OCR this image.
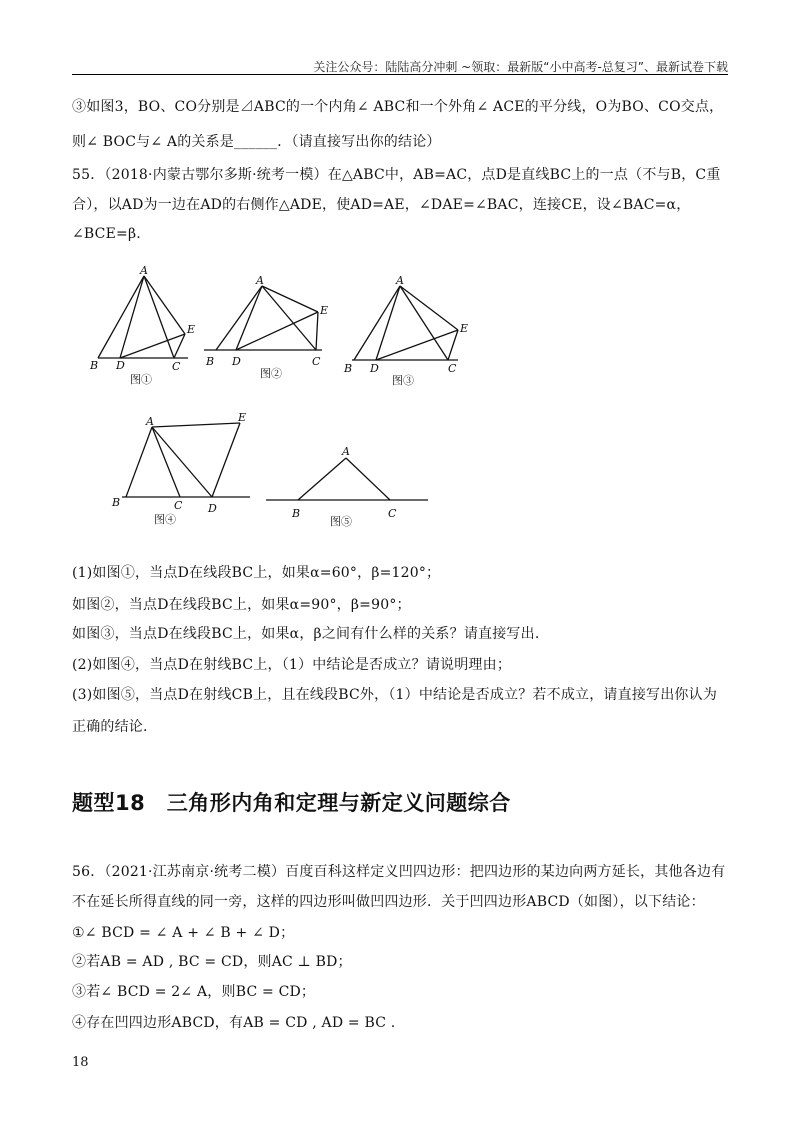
关注公众号：陆陆高分冲刺 ~领取：最新版“小中高考-总复习”、最新试卷下载
③如图3，BO、CO分别是⊿ABC的一个内角∠ ABC和一个外角∠ ACE的平分线，O为BO、CO交点，
则∠ BOC与∠ A的关系是______．（请直接写出你的结论）
55．（2018·内蒙古鄂尔多斯·统考一模）在△ABC中，AB=AC，点D是直线BC上的一点（不与B，C重
合），以AD为一边在AD的右侧作△ADE，使AD=AE，∠DAE=∠BAC，连接CE，设∠BAC=α，
∠BCE=β.
A
B D	C
E
图①
A
B D	C
E
图②
A
B D	C
E
图③
A
B	C D
E
图④
A
B	C
图⑤
(1)如图①，当点D在线段BC上，如果α=60°，β=120°；
如图②，当点D在线段BC上，如果α=90°，β=90°；
如图③，当点D在线段BC上，如果α，β之间有什么样的关系？请直接写出.
(2)如图④，当点D在射线BC上，（1）中结论是否成立？请说明理由；
(3)如图⑤，当点D在射线CB上，且在线段BC外，（1）中结论是否成立？若不成立，请直接写出你认为
正确的结论.
题型18　三角形内角和定理与新定义问题综合
56．（2021·江苏南京·统考二模）百度百科这样定义凹四边形：把四边形的某边向两方延长，其他各边有
不在延长所得直线的同一旁，这样的四边形叫做凹四边形．关于凹四边形ABCD（如图），以下结论：
①∠ BCD = ∠ A + ∠ B + ∠ D；
②若AB = AD , BC = CD，则AC ⊥ BD；
③若∠ BCD = 2∠ A，则BC = CD；
④存在凹四边形ABCD，有AB = CD , AD = BC .
18
